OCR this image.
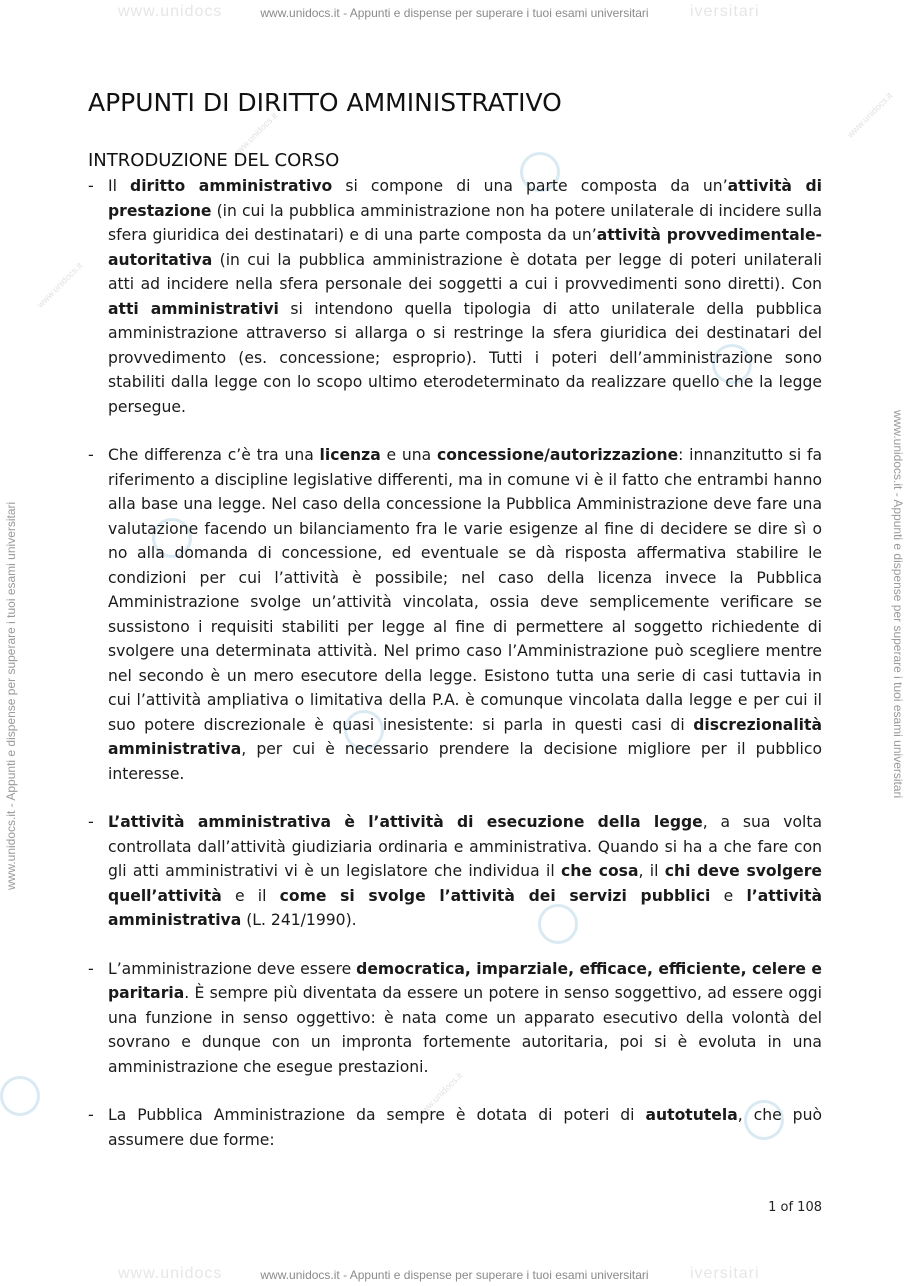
www.unidocs	iversitari
www.unidocs.it - Appunti e dispense per superare i tuoi esami universitari
www.unidocs	iversitari
www.unidocs.it - Appunti e dispense per superare i tuoi esami universitari
www.unidocs.it - Appunti e dispense per superare i tuoi esami universitari	www.unidocs.it - Appunti e dispense per superare i tuoi esami universitari
www.unidocs.it	www.unidocs.it
www.unidocs.it
www.unidocs.it
APPUNTI DI DIRITTO AMMINISTRATIVO
INTRODUZIONE DEL CORSO
- Il diritto amministrativo si compone di una parte composta da un’attività di prestazione (in cui la pubblica amministrazione non ha potere unilaterale di incidere sulla sfera giuridica dei destinatari) e di una parte composta da un’attività provvedimentale-autoritativa (in cui la pubblica amministrazione è dotata per legge di poteri unilaterali atti ad incidere nella sfera personale dei soggetti a cui i provvedimenti sono diretti). Con atti amministrativi si intendono quella tipologia di atto unilaterale della pubblica amministrazione attraverso si allarga o si restringe la sfera giuridica dei destinatari del provvedimento (es. concessione; esproprio). Tutti i poteri dell’amministrazione sono stabiliti dalla legge con lo scopo ultimo eterodeterminato da realizzare quello che la legge persegue.

- Che differenza c’è tra una licenza e una concessione/autorizzazione: innanzitutto si fa riferimento a discipline legislative differenti, ma in comune vi è il fatto che entrambi hanno alla base una legge. Nel caso della concessione la Pubblica Amministrazione deve fare una valutazione facendo un bilanciamento fra le varie esigenze al fine di decidere se dire sì o no alla domanda di concessione, ed eventuale se dà risposta affermativa stabilire le condizioni per cui l’attività è possibile; nel caso della licenza invece la Pubblica Amministrazione svolge un’attività vincolata, ossia deve semplicemente verificare se sussistono i requisiti stabiliti per legge al fine di permettere al soggetto richiedente di svolgere una determinata attività. Nel primo caso l’Amministrazione può scegliere mentre nel secondo è un mero esecutore della legge. Esistono tutta una serie di casi tuttavia in cui l’attività ampliativa o limitativa della P.A. è comunque vincolata dalla legge e per cui il suo potere discrezionale è quasi inesistente: si parla in questi casi di discrezionalità amministrativa, per cui è necessario prendere la decisione migliore per il pubblico interesse.

- L’attività amministrativa è l’attività di esecuzione della legge, a sua volta controllata dall’attività giudiziaria ordinaria e amministrativa. Quando si ha a che fare con gli atti amministrativi vi è un legislatore che individua il che cosa, il chi deve svolgere quell’attività e il come si svolge l’attività dei servizi pubblici e l’attività amministrativa (L. 241/1990).

- L’amministrazione deve essere democratica, imparziale, efficace, efficiente, celere e paritaria. È sempre più diventata da essere un potere in senso soggettivo, ad essere oggi una funzione in senso oggettivo: è nata come un apparato esecutivo della volontà del sovrano e dunque con un impronta fortemente autoritaria, poi si è evoluta in una amministrazione che esegue prestazioni.

- La Pubblica Amministrazione da sempre è dotata di poteri di autotutela, che può assumere due forme:

1 of 108
